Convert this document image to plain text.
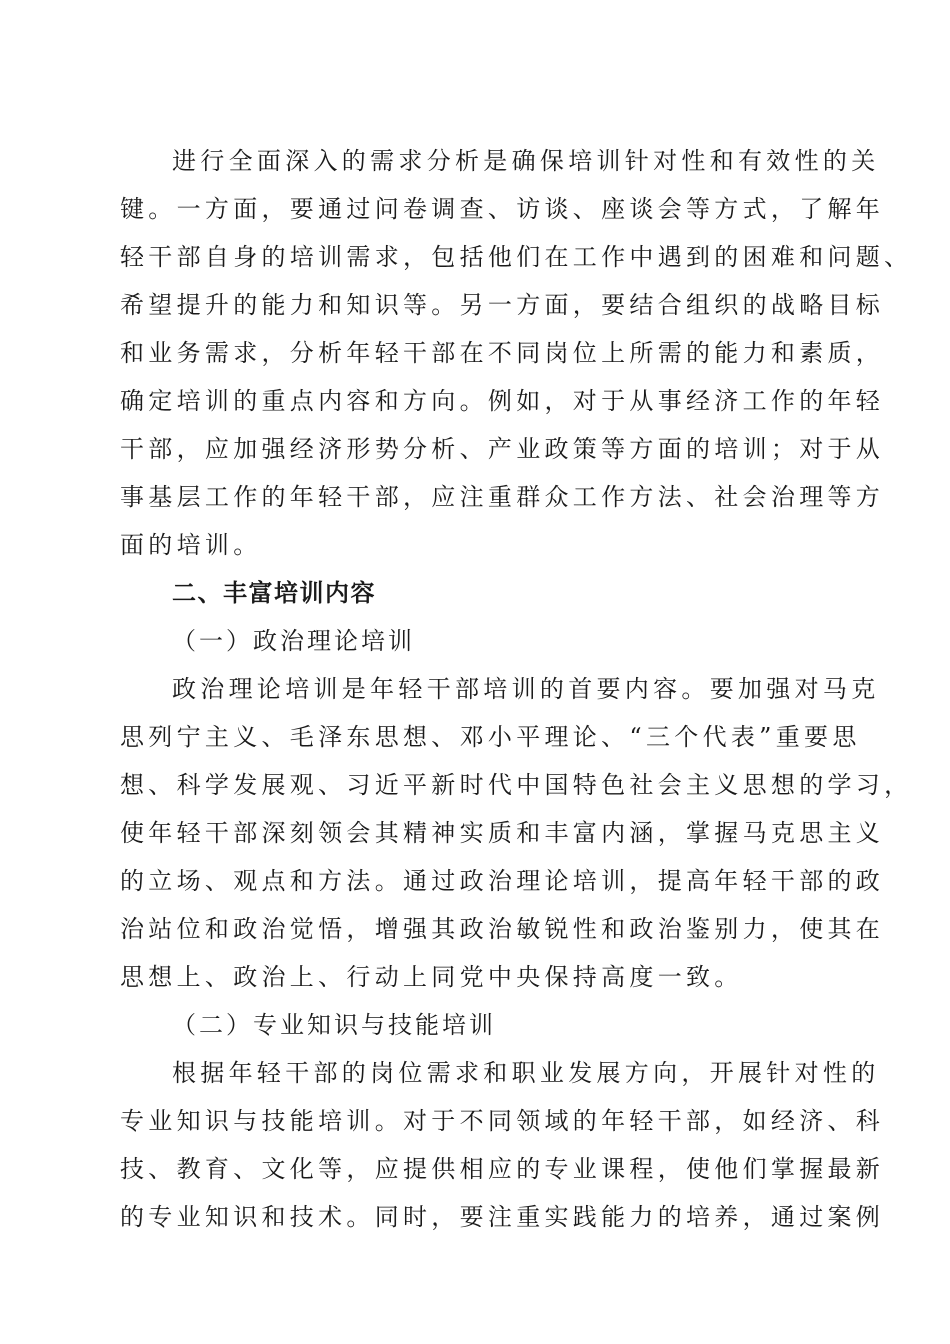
进行全面深入的需求分析是确保培训针对性和有效性的关
键。一方面，要通过问卷调查、访谈、座谈会等方式，了解年
轻干部自身的培训需求，包括他们在工作中遇到的困难和问题、
希望提升的能力和知识等。另一方面，要结合组织的战略目标
和业务需求，分析年轻干部在不同岗位上所需的能力和素质，
确定培训的重点内容和方向。例如，对于从事经济工作的年轻
干部，应加强经济形势分析、产业政策等方面的培训；对于从
事基层工作的年轻干部，应注重群众工作方法、社会治理等方
面的培训。
二、丰富培训内容
（一）政治理论培训
政治理论培训是年轻干部培训的首要内容。要加强对马克
思列宁主义、毛泽东思想、邓小平理论、“三个代表”重要思
想、科学发展观、习近平新时代中国特色社会主义思想的学习，
使年轻干部深刻领会其精神实质和丰富内涵，掌握马克思主义
的立场、观点和方法。通过政治理论培训，提高年轻干部的政
治站位和政治觉悟，增强其政治敏锐性和政治鉴别力，使其在
思想上、政治上、行动上同党中央保持高度一致。
（二）专业知识与技能培训
根据年轻干部的岗位需求和职业发展方向，开展针对性的
专业知识与技能培训。对于不同领域的年轻干部，如经济、科
技、教育、文化等，应提供相应的专业课程，使他们掌握最新
的专业知识和技术。同时，要注重实践能力的培养，通过案例
